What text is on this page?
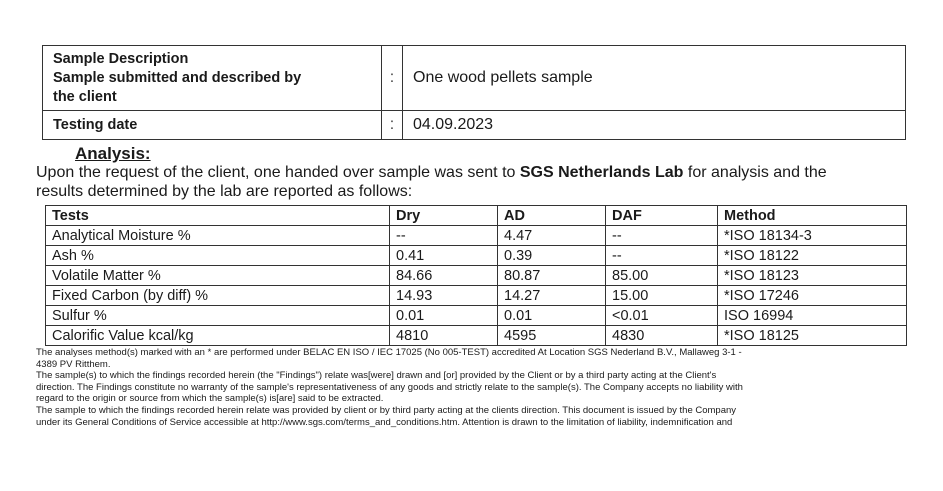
Sample Description
Sample submitted and described by
the client	:	One wood pellets sample
Testing date	:	04.09.2023
Analysis:
Upon the request of the client, one handed over sample was sent to SGS Netherlands Lab for analysis and the
results determined by the lab are reported as follows:
Tests	Dry	AD	DAF	Method
Analytical Moisture %	--	4.47	--	*ISO 18134-3
Ash %	0.41	0.39	--	*ISO 18122
Volatile Matter %	84.66	80.87	85.00	*ISO 18123
Fixed Carbon (by diff) %	14.93	14.27	15.00	*ISO 17246
Sulfur %	0.01	0.01	<0.01	ISO 16994
Calorific Value kcal/kg	4810	4595	4830	*ISO 18125

The analyses method(s) marked with an * are performed under BELAC EN ISO / IEC 17025 (No 005-TEST) accredited At Location SGS Nederland B.V., Mallaweg 3-1 -
4389 PV Ritthem.

The sample(s) to which the findings recorded herein (the "Findings") relate was[were] drawn and [or] provided by the Client or by a third party acting at the Client's
direction. The Findings constitute no warranty of the sample's representativeness of any goods and strictly relate to the sample(s). The Company accepts no liability with
regard to the origin or source from which the sample(s) is[are] said to be extracted.

The sample to which the findings recorded herein relate was provided by client or by third party acting at the clients direction. This document is issued by the Company
under its General Conditions of Service accessible at http://www.sgs.com/terms_and_conditions.htm. Attention is drawn to the limitation of liability, indemnification and
